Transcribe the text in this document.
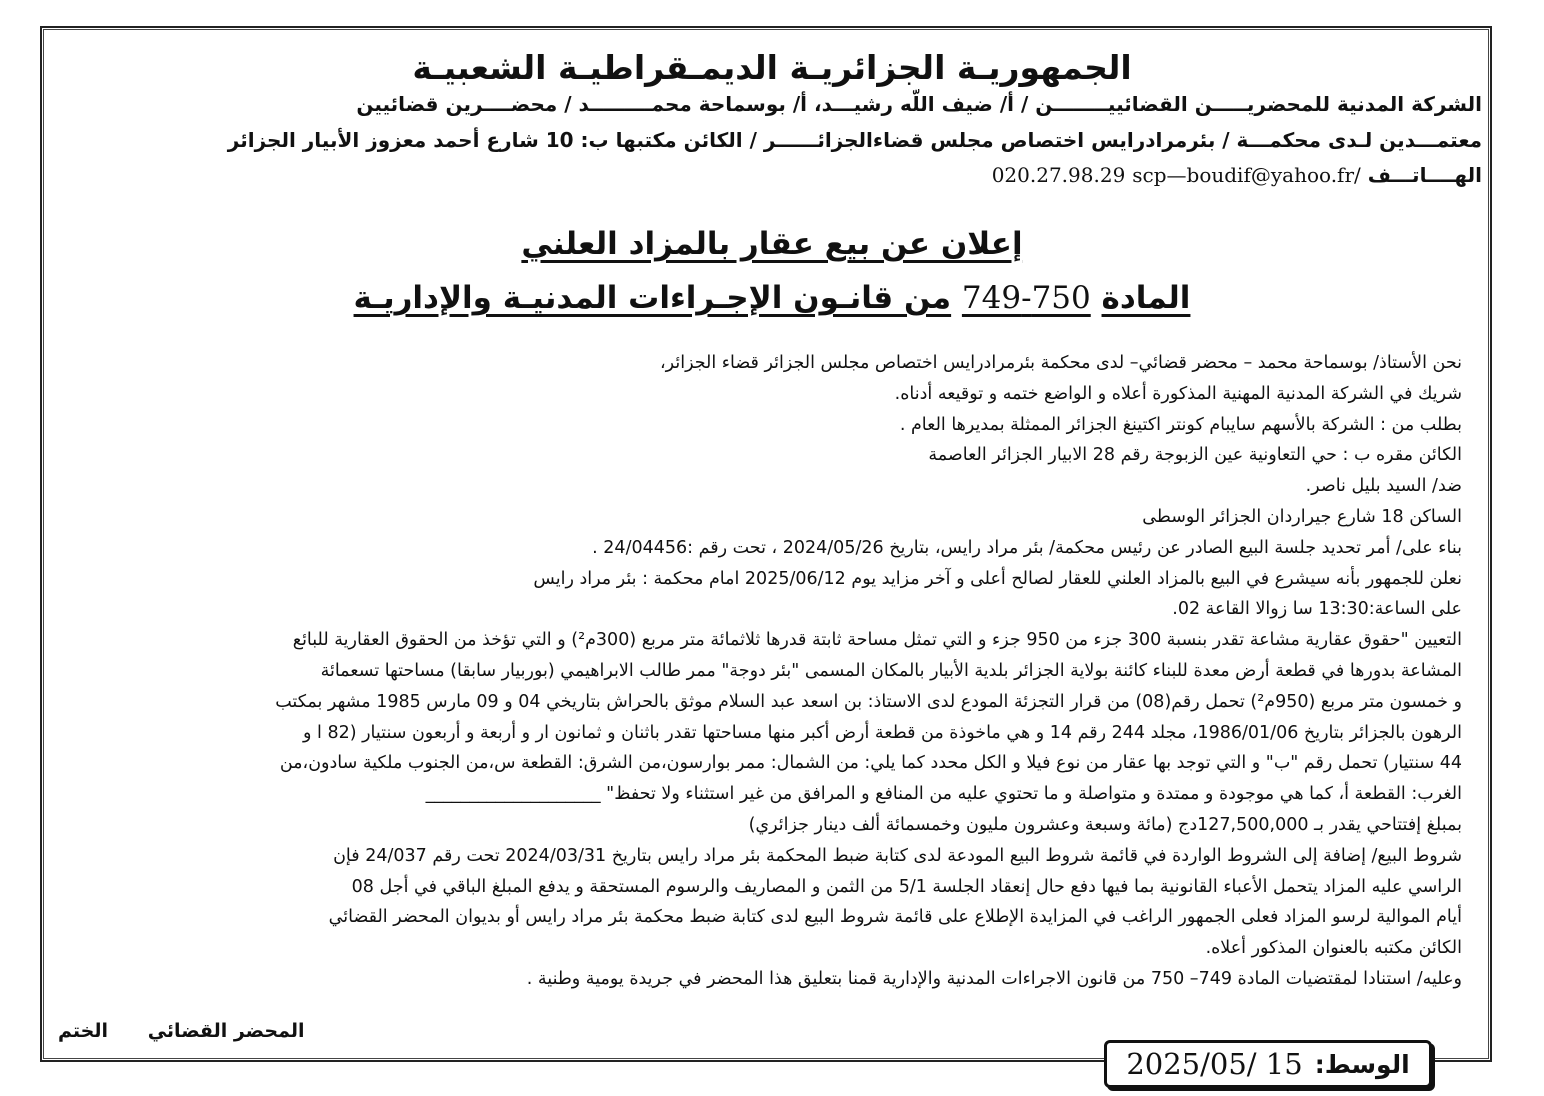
الجمهوريـة الجزائريـة الديمـقراطيـة الشعبيـة
الشركة المدنية للمحضريـــــن القضائييــــــــن / أ/ ضيف اللّه رشيـــد، أ/ بوسماحة محمـــــــــد / محضــــرين قضائيين
معتمـــدين لـدى محكمـــة / بئرمرادرايس اختصاص مجلس قضاءالجزائــــــر / الكائن مكتبها ب: 10 شارع أحمد معزوز الأبيار الجزائر
الهــــاتـــف 020.27.98.29 scp—boudif@yahoo.fr/
إعلان عن بيع عقار بالمزاد العلني
المادة 750-749 من قانـون الإجـراءات المدنيـة والإداريـة

نحن الأستاذ/ بوسماحة محمد – محضر قضائي– لدى محكمة بئرمرادرايس اختصاص مجلس الجزائر قضاء الجزائر،

شريك في الشركة المدنية المهنية المذكورة أعلاه و الواضع ختمه و توقيعه أدناه.

بطلب من : الشركة بالأسهم سايبام كونتر اكتينغ الجزائر الممثلة بمديرها العام .

الكائن مقره ب : حي التعاونية عين الزبوجة رقم 28 الابيار الجزائر العاصمة

ضد/ السيد بليل ناصر.

الساكن 18 شارع جيراردان الجزائر الوسطى

بناء على/ أمر تحديد جلسة البيع الصادر عن رئيس محكمة/ بئر مراد رايس، بتاريخ 2024/05/26 ، تحت رقم :24/04456 .

نعلن للجمهور بأنه سيشرع في البيع بالمزاد العلني للعقار لصالح أعلى و آخر مزايد يوم 2025/06/12 امام محكمة : بئر مراد رايس

على الساعة:13:30 سا زوالا القاعة 02.

التعيين "حقوق عقارية مشاعة تقدر بنسبة 300 جزء من 950 جزء و التي تمثل مساحة ثابتة قدرها ثلاثمائة متر مربع (300م²) و التي تؤخذ من الحقوق العقارية للبائع

المشاعة بدورها في قطعة أرض معدة للبناء كائنة بولاية الجزائر بلدية الأبيار بالمكان المسمى "بئر دوجة" ممر طالب الابراهيمي (بوربيار سابقا) مساحتها تسعمائة

و خمسون متر مربع (950م²) تحمل رقم(08) من قرار التجزئة المودع لدى الاستاذ: بن اسعد عبد السلام موثق بالحراش بتاريخي 04 و 09 مارس 1985 مشهر بمكتب

الرهون بالجزائر بتاريخ 1986/01/06، مجلد 244 رقم 14 و هي ماخوذة من قطعة أرض أكبر منها مساحتها تقدر باثنان و ثمانون ار و أربعة و أربعون سنتيار (82 ا و

44 سنتيار) تحمل رقم "ب" و التي توجد بها عقار من نوع فيلا و الكل محدد كما يلي: من الشمال: ممر بوارسون،من الشرق: القطعة س،من الجنوب ملكية سادون،من

الغرب: القطعة أ، كما هي موجودة و ممتدة و متواصلة و ما تحتوي عليه من المنافع و المرافق من غير استثناء ولا تحفظ" ____________________

بمبلغ إفتتاحي يقدر بـ 127,500,000دج (مائة وسبعة وعشرون مليون وخمسمائة ألف دينار جزائري)

شروط البيع/ إضافة إلى الشروط الواردة في قائمة شروط البيع المودعة لدى كتابة ضبط المحكمة بئر مراد رايس بتاريخ 2024/03/31 تحت رقم 24/037 فإن

الراسي عليه المزاد يتحمل الأعباء القانونية بما فيها دفع حال إنعقاد الجلسة 5/1 من الثمن و المصاريف والرسوم المستحقة و يدفع المبلغ الباقي في أجل 08

أيام الموالية لرسو المزاد فعلى الجمهور الراغب في المزايدة الإطلاع على قائمة شروط البيع لدى كتابة ضبط محكمة بئر مراد رايس أو بديوان المحضر القضائي

الكائن مكتبه بالعنوان المذكور أعلاه.

وعليه/ استنادا لمقتضيات المادة 749– 750 من قانون الاجراءات المدنية والإدارية قمنا بتعليق هذا المحضر في جريدة يومية وطنية .

المحضر القضائي      الختم
الوسط:
2025/05/ 15
